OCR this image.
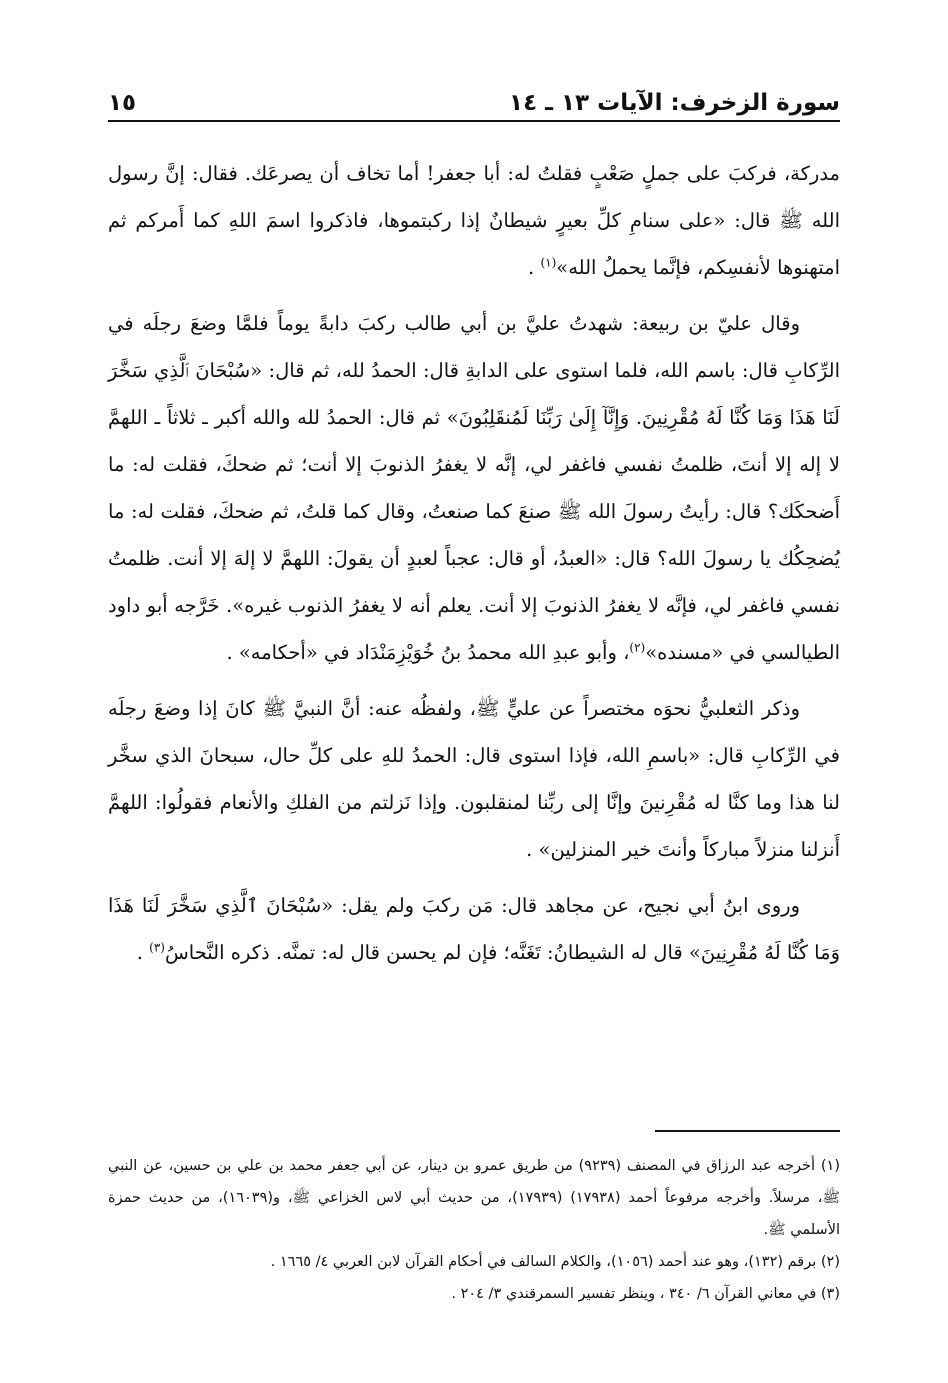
سورة الزخرف: الآيات ١٣ ـ ١٤
١٥

مدركة، فركبَ على جملٍ صَعْبٍ فقلتُ له: أبا جعفر! أما تخاف أن يصرعَك. فقال: إنَّ رسول الله ﷺ قال: «على سنامِ كلِّ بعيرٍ شيطانٌ إذا ركبتموها، فاذكروا اسمَ اللهِ كما أَمركم ثم امتهنوها لأنفسِكم، فإنَّما يحملُ الله»$^{(١)}$ .

وقال عليّ بن ربيعة: شهدتُ عليَّ بن أبي طالب ركبَ دابةً يوماً فلمَّا وضعَ رجلَه في الرِّكابِ قال: باسم الله، فلما استوى على الدابةِ قال: الحمدُ لله، ثم قال: «سُبْحَانَ ٱلَّذِي سَخَّرَ لَنَا هَذَا وَمَا كُنَّا لَهُ مُقْرِنِينَ. وَإِنَّآ إِلَىٰ رَبِّنَا لَمُنقَلِبُونَ» ثم قال: الحمدُ لله والله أكبر ـ ثلاثاً ـ اللهمَّ لا إله إلا أنتَ، ظلمتُ نفسي فاغفر لي، إنَّه لا يغفرُ الذنوبَ إلا أنت؛ ثم ضحكَ، فقلت له: ما أَضحكَك؟ قال: رأيتُ رسولَ الله ﷺ صنعَ كما صنعتُ، وقال كما قلتُ، ثم ضحكَ، فقلت له: ما يُضحِكُك يا رسولَ الله؟ قال: «العبدُ، أو قال: عجباً لعبدٍ أن يقولَ: اللهمَّ لا إلهَ إلا أنت. ظلمتُ نفسي فاغفر لي، فإنَّه لا يغفرُ الذنوبَ إلا أنت. يعلم أنه لا يغفرُ الذنوب غيره». خَرَّجه أبو داود الطيالسي في «مسنده»$^{(٢)}$، وأبو عبدِ الله محمدُ بنُ خُوَيْزِمَنْدَاد في «أحكامه» .

وذكر الثعلبيُّ نحوَه مختصراً عن عليٍّ ﷺ، ولفظُه عنه: أنَّ النبيَّ ﷺ كانَ إذا وضعَ رجلَه في الرِّكابِ قال: «باسمِ الله، فإذا استوى قال: الحمدُ للهِ على كلِّ حال، سبحانَ الذي سخَّر لنا هذا وما كنَّا له مُقْرِنينَ وإنَّا إلى ربِّنا لمنقلبون. وإذا نَزلتم من الفلكِ والأنعام فقولُوا: اللهمَّ أَنزلنا منزلاً مباركاً وأنتَ خير المنزلين» .

وروى ابنُ أبي نجيح، عن مجاهد قال: مَن ركبَ ولم يقل: «سُبْحَانَ ٱلَّذِي سَخَّرَ لَنَا هَذَا وَمَا كُنَّا لَهُ مُقْرِنِينَ» قال له الشيطانُ: تَغَنَّه؛ فإن لم يحسن قال له: تمنَّه. ذكره النَّحاسُ$^{(٣)}$ .

(١) أخرجه عبد الرزاق في المصنف (٩٢٣٩) من طريق عمرو بن دينار، عن أبي جعفر محمد بن علي بن حسين، عن النبي ﷺ، مرسلاً. وأخرجه مرفوعاً أحمد (١٧٩٣٨) (١٧٩٣٩)، من حديث أبي لاس الخزاعي ﷺ، و(١٦٠٣٩)، من حديث حمزة الأسلمي ﷺ.

(٢) برقم (١٣٢)، وهو عند أحمد (١٠٥٦)، والكلام السالف في أحكام القرآن لابن العربي ٤/ ١٦٦٥ .

(٣) في معاني القرآن ٦/ ٣٤٠ ، وينظر تفسير السمرقندي ٣/ ٢٠٤ .
